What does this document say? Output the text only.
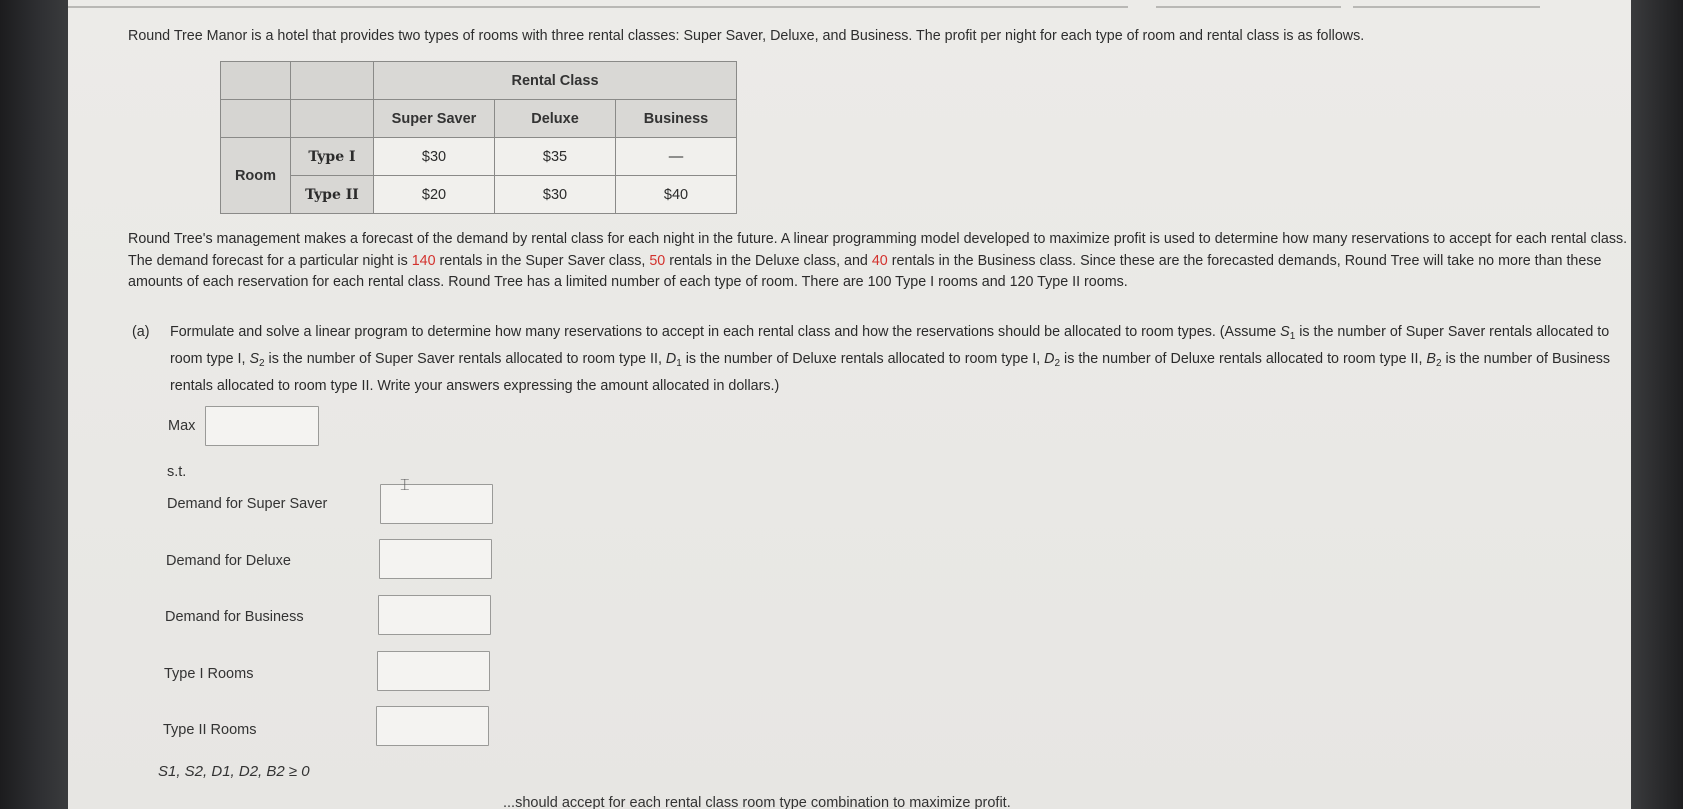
Round Tree Manor is a hotel that provides two types of rooms with three rental classes: Super Saver, Deluxe, and Business. The profit per night for each type of room and rental class is as follows.

		Rental Class		
		Super Saver	Deluxe	Business
Room	Type I	$30	$35	—
	Type II	$20	$30	$40
Round Tree's management makes a forecast of the demand by rental class for each night in the future. A linear programming model developed to maximize profit is used to determine how many reservations to accept for each rental class. The demand forecast for a particular night is 140 rentals in the Super Saver class, 50 rentals in the Deluxe class, and 40 rentals in the Business class. Since these are the forecasted demands, Round Tree will take no more than these amounts of each reservation for each rental class. Round Tree has a limited number of each type of room. There are 100 Type I rooms and 120 Type II rooms.
(a) Formulate and solve a linear program to determine how many reservations to accept in each rental class and how the reservations should be allocated to room types. (Assume $S_1$ is the number of Super Saver rentals allocated to room type I, $S_2$ is the number of Super Saver rentals allocated to room type II, $D_1$ is the number of Deluxe rentals allocated to room type I, $D_2$ is the number of Deluxe rentals allocated to room type II, $B_2$ is the number of Business rentals allocated to room type II. Write your answers expressing the amount allocated in dollars.)
Max
s.t.
Demand for Super Saver
⌶
Demand for Deluxe
Demand for Business
Type I Rooms
Type II Rooms
S1, S2, D1, D2, B2 ≥ 0
...should accept for each rental class room type combination to maximize profit.
